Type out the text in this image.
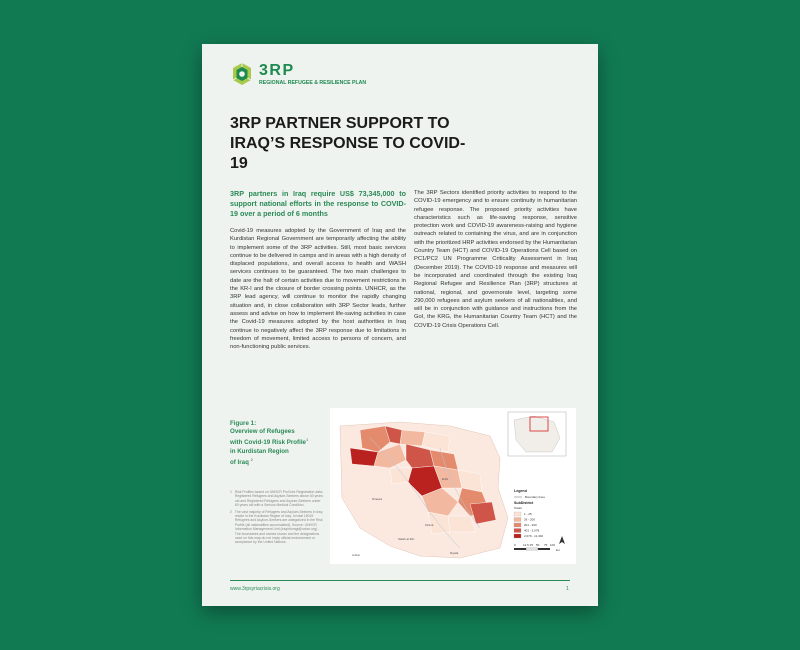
3RP
REGIONAL REFUGEE & RESILIENCE PLAN
3RP PARTNER SUPPORT TO IRAQ’S RESPONSE TO COVID-19
3RP partners in Iraq require US$ 73,345,000 to support national efforts in the response to COVID-19 over a period of 6 months
Covid-19 measures adopted by the Government of Iraq and the Kurdistan Regional Government are temporarily affecting the ability to implement some of the 3RP activities. Still, most basic services continue to be delivered in camps and in areas with a high density of displaced populations, and overall access to health and WASH services continues to be guaranteed. The two main challenges to date are the halt of certain activities due to movement restrictions in the KR-I and the closure of border crossing points. UNHCR, as the 3RP lead agency, will continue to monitor the rapidly changing situation and, in close collaboration with 3RP Sector leads, further assess and advise on how to implement life-saving activities in case the Covid-19 measures adopted by the host authorities in Iraq continue to negatively affect the 3RP response due to limitations in freedom of movement, limited access to persons of concern, and non-functioning public services.
The 3RP Sectors identified priority activities to respond to the COVID-19 emergency and to ensure continuity in humanitarian refugee response. The proposed priority activities have characteristics such as life-saving response, sensitive protection work and COVID-19 awareness-raising and hygiene outreach related to containing the virus, and are in conjunction with the prioritized HRP activities endorsed by the Humanitarian Country Team (HCT) and COVID-19 Operations Cell based on PC1/PC2 UN Programme Criticality Assessment in Iraq (December 2019). The COVID-19 response and measures will be incorporated and coordinated through the existing Iraq Regional Refugee and Resilience Plan (3RP) structures at national, regional, and governorate level, targeting some 290,000 refugees and asylum seekers of all nationalities, and will be in conjunction with guidance and instructions from the GoI, the KRG, the Humanitarian Country Team (HCT) and the COVID-19 Crisis Operations Cell.
Figure 1:
Overview of Refugees
with Covid-19 Risk Profile$^1$
in Kurdistan Region
of Iraq $^2$
1 Risk Profiles based on UNHCR ProGres Registration data: Registered Refugees and Asylum-Seekers above 60 years old and Registered Refugees and Asylum-Seekers under 60 years old with a Serious Medical Condition.
2 The vast majority of Refugees and Asylum-Seekers in Iraq reside in the Kurdistan Region of Iraq. In total 15019 Refugees and Asylum-Seekers are categorized in the Risk Profile (all nationalities accumulated). Source: UNHCR Information Management Unit (iraqinfomgt@unhcr.org) - The boundaries and names shown and the designations used on this map do not imply official endorsement or acceptance by the United Nations.
Ninewa
Erbil
Kirkuk
Salah al-Din
Anbar	Diyala
Legend
Boundary lines
SubDistrict
Totals
1 - 25
26 - 200
201 - 400
401 - 2,078
2,079 - 11,340
0 12.5 25 50 75 100
km
www.3rpsyriacrisis.org	1
